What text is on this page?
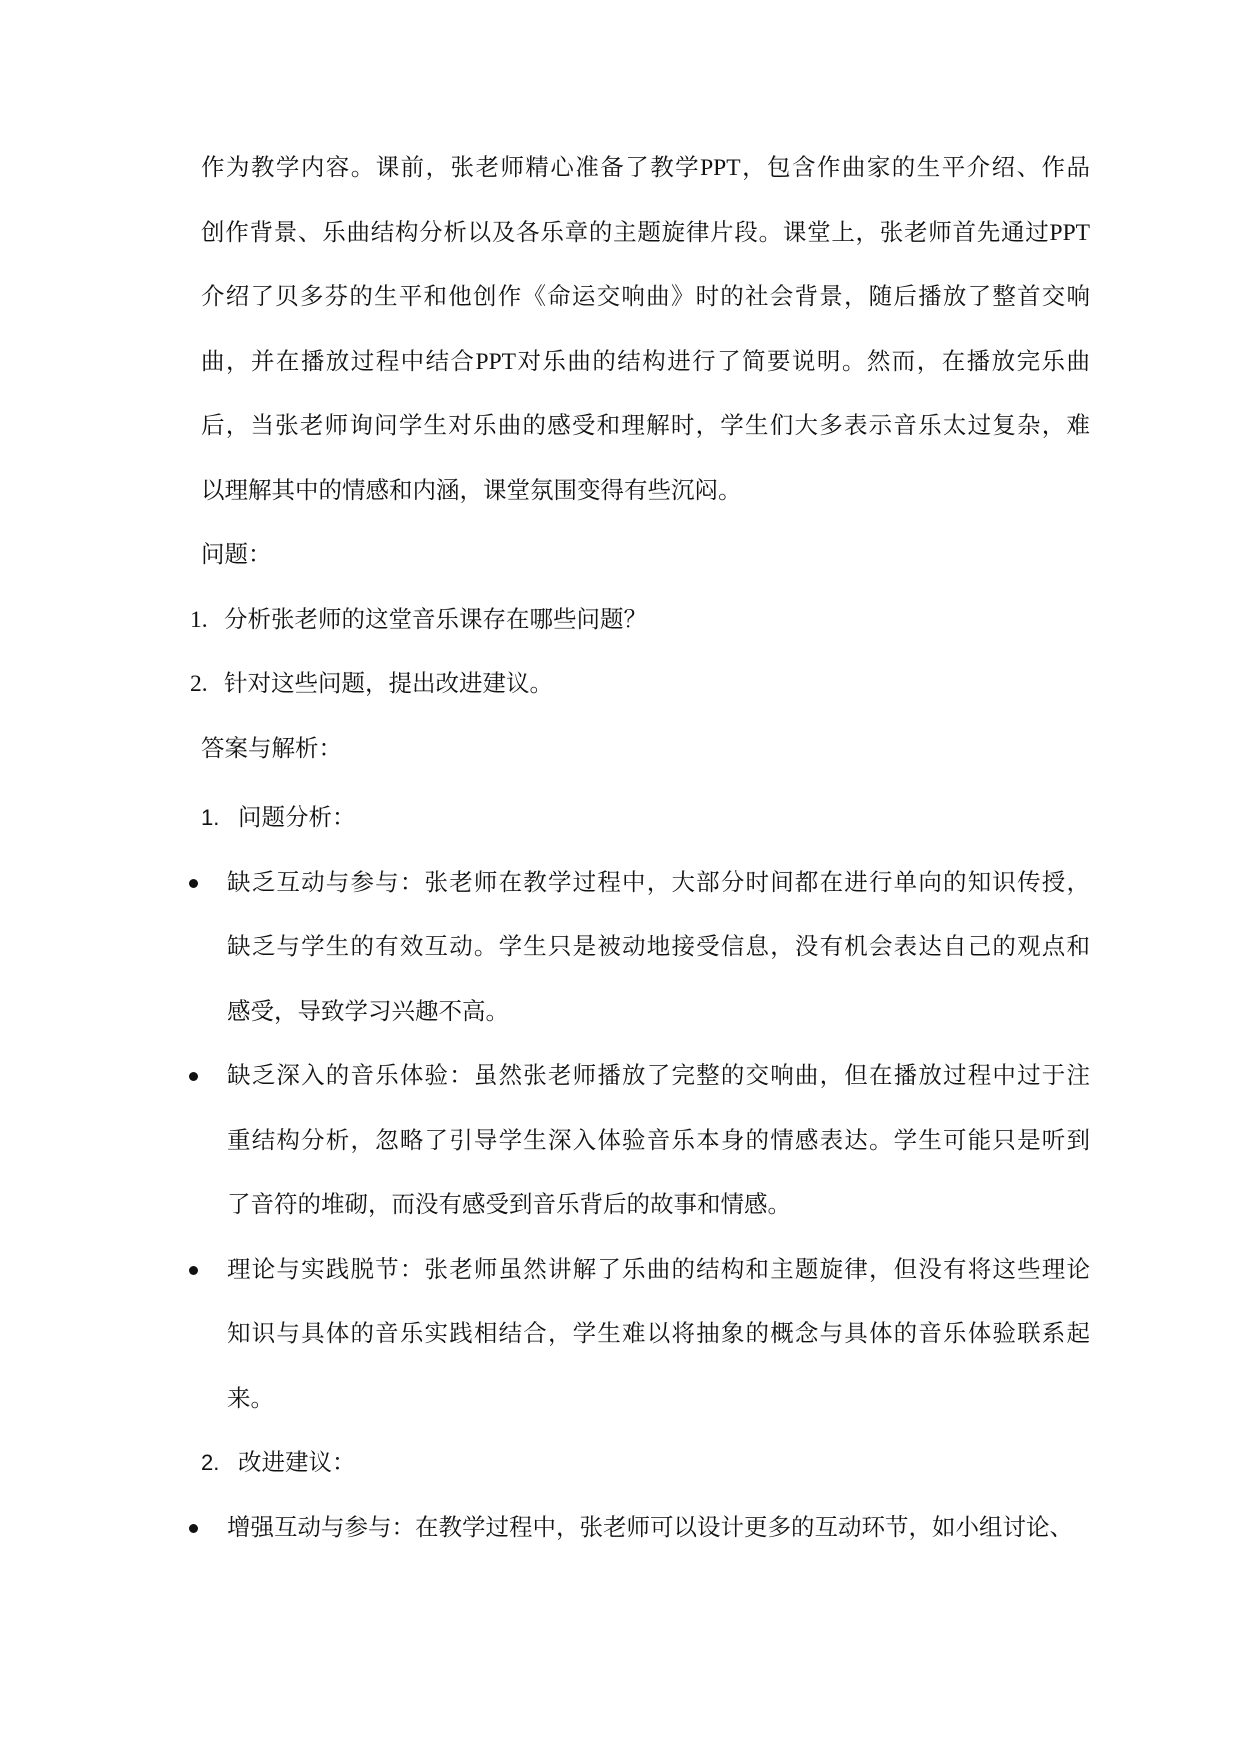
作为教学内容。课前，张老师精心准备了教学PPT，包含作曲家的生平介绍、作品
创作背景、乐曲结构分析以及各乐章的主题旋律片段。课堂上，张老师首先通过PPT
介绍了贝多芬的生平和他创作《命运交响曲》时的社会背景，随后播放了整首交响
曲，并在播放过程中结合PPT对乐曲的结构进行了简要说明。然而，在播放完乐曲
后，当张老师询问学生对乐曲的感受和理解时，学生们大多表示音乐太过复杂，难
以理解其中的情感和内涵，课堂氛围变得有些沉闷。
问题：
1. 分析张老师的这堂音乐课存在哪些问题？
2. 针对这些问题，提出改进建议。
答案与解析：
1. 问题分析：
缺乏互动与参与：张老师在教学过程中，大部分时间都在进行单向的知识传授，
缺乏与学生的有效互动。学生只是被动地接受信息，没有机会表达自己的观点和
感受，导致学习兴趣不高。
缺乏深入的音乐体验：虽然张老师播放了完整的交响曲，但在播放过程中过于注
重结构分析，忽略了引导学生深入体验音乐本身的情感表达。学生可能只是听到
了音符的堆砌，而没有感受到音乐背后的故事和情感。
理论与实践脱节：张老师虽然讲解了乐曲的结构和主题旋律，但没有将这些理论
知识与具体的音乐实践相结合，学生难以将抽象的概念与具体的音乐体验联系起
来。
2. 改进建议：
增强互动与参与：在教学过程中，张老师可以设计更多的互动环节，如小组讨论、
